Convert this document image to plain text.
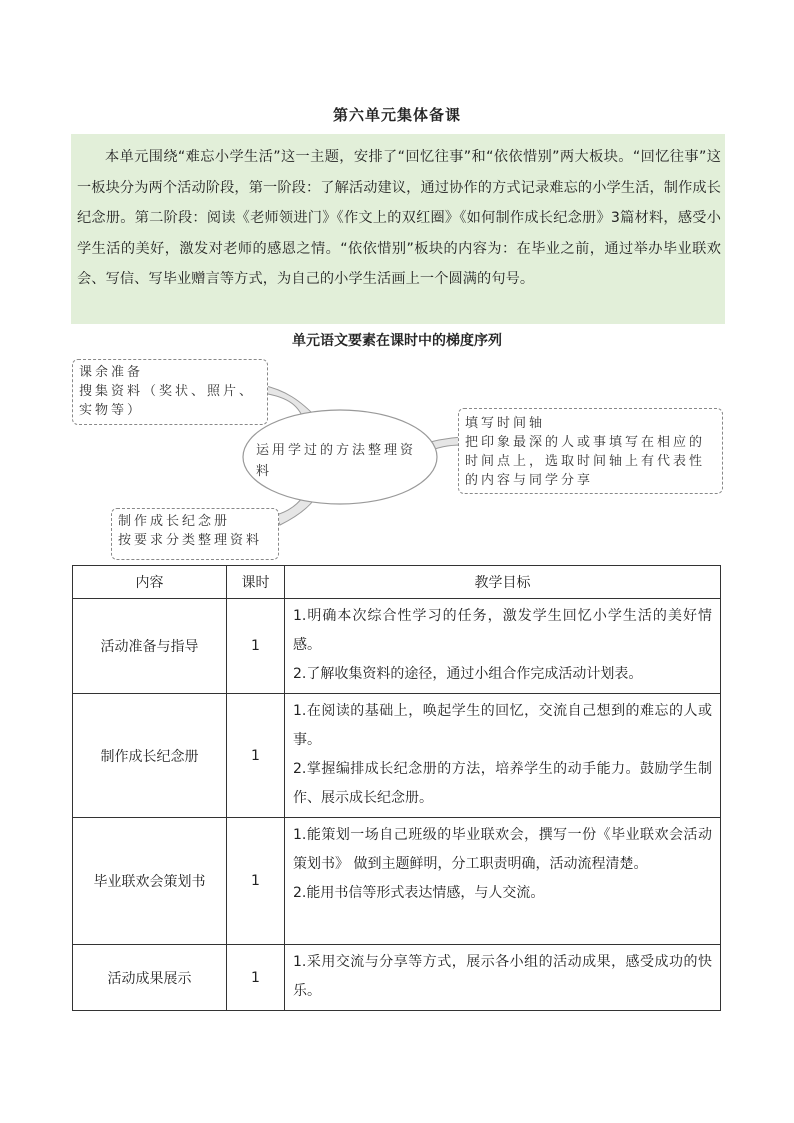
第六单元集体备课
本单元围绕“难忘小学生活”这一主题，安排了“回忆往事”和“依依惜别”两大板块。“回忆往事”这一板块分为两个活动阶段，第一阶段：了解活动建议，通过协作的方式记录难忘的小学生活，制作成长纪念册。第二阶段：阅读《老师领进门》《作文上的双红圈》《如何制作成长纪念册》3篇材料，感受小学生活的美好，激发对老师的感恩之情。“依依惜别”板块的内容为：在毕业之前，通过举办毕业联欢会、写信、写毕业赠言等方式，为自己的小学生活画上一个圆满的句号。
单元语文要素在课时中的梯度序列
运用学过的方法整理资料
课余准备
搜集资料（奖状、照片、实物等）
填写时间轴
把印象最深的人或事填写在相应的时间点上，选取时间轴上有代表性的内容与同学分享
制作成长纪念册
按要求分类整理资料
内容	课时	教学目标
活动准备与指导	1	1.明确本次综合性学习的任务，激发学生回忆小学生活的美好情感。
2.了解收集资料的途径，通过小组合作完成活动计划表。

制作成长纪念册	1	1.在阅读的基础上，唤起学生的回忆，交流自己想到的难忘的人或事。
2.掌握编排成长纪念册的方法，培养学生的动手能力。鼓励学生制作、展示成长纪念册。

毕业联欢会策划书	1	1.能策划一场自己班级的毕业联欢会，撰写一份《毕业联欢会活动策划书》 做到主题鲜明，分工职责明确，活动流程清楚。
2.能用书信等形式表达情感，与人交流。

活动成果展示	1	1.采用交流与分享等方式，展示各小组的活动成果，感受成功的快乐。
